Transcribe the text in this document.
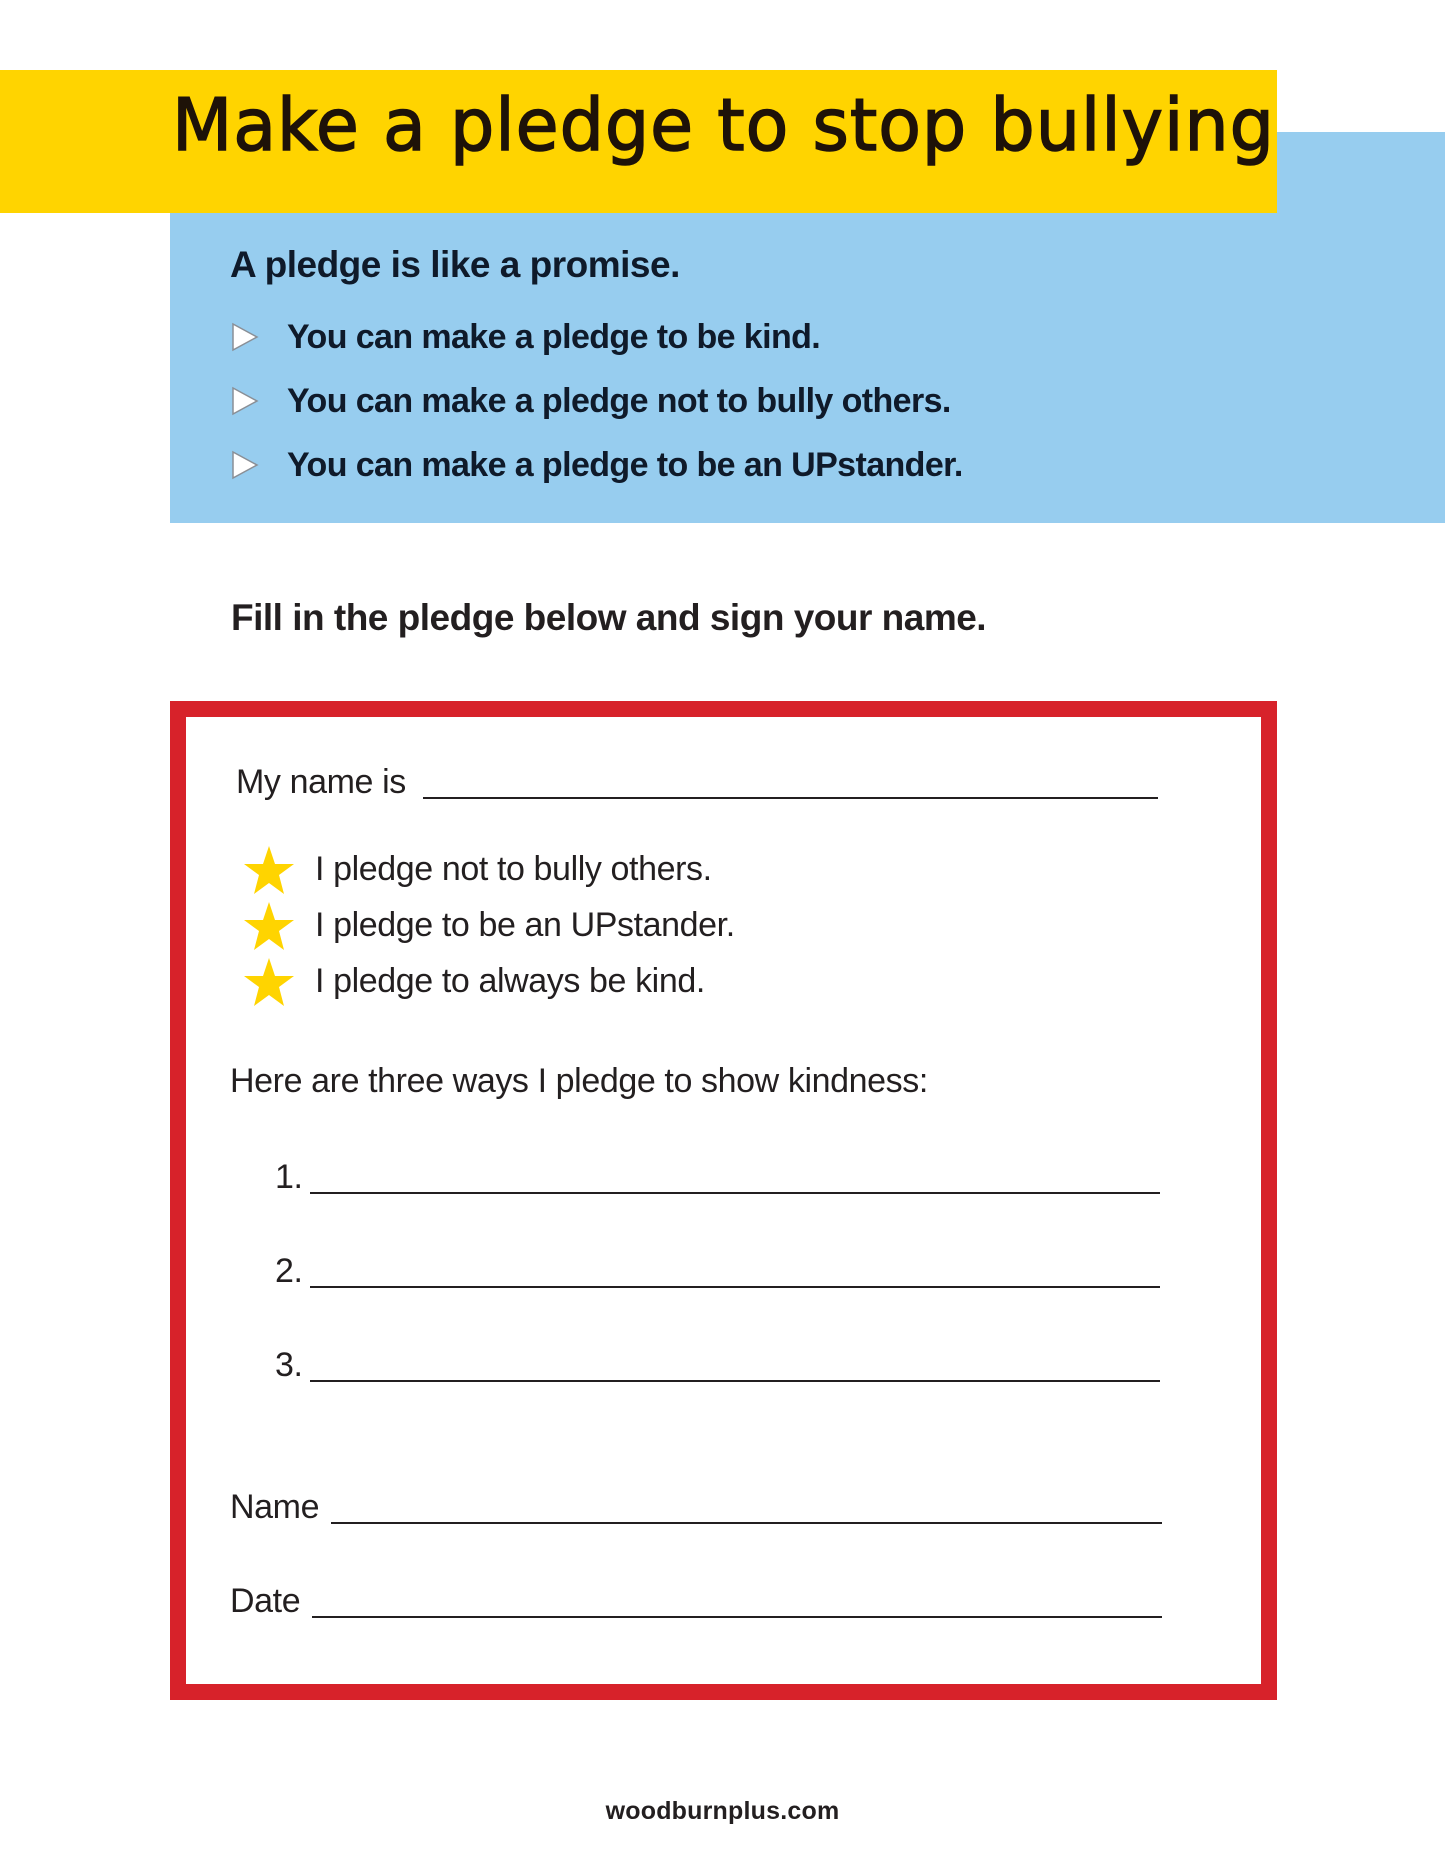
Make a pledge to stop bullying
A pledge is like a promise.
You can make a pledge to be kind.
You can make a pledge not to bully others.
You can make a pledge to be an UPstander.
Fill in the pledge below and sign your name.
My name is
I pledge not to bully others.
I pledge to be an UPstander.
I pledge to always be kind.
Here are three ways I pledge to show kindness:
1.
2.
3.
Name
Date
woodburnplus.com
